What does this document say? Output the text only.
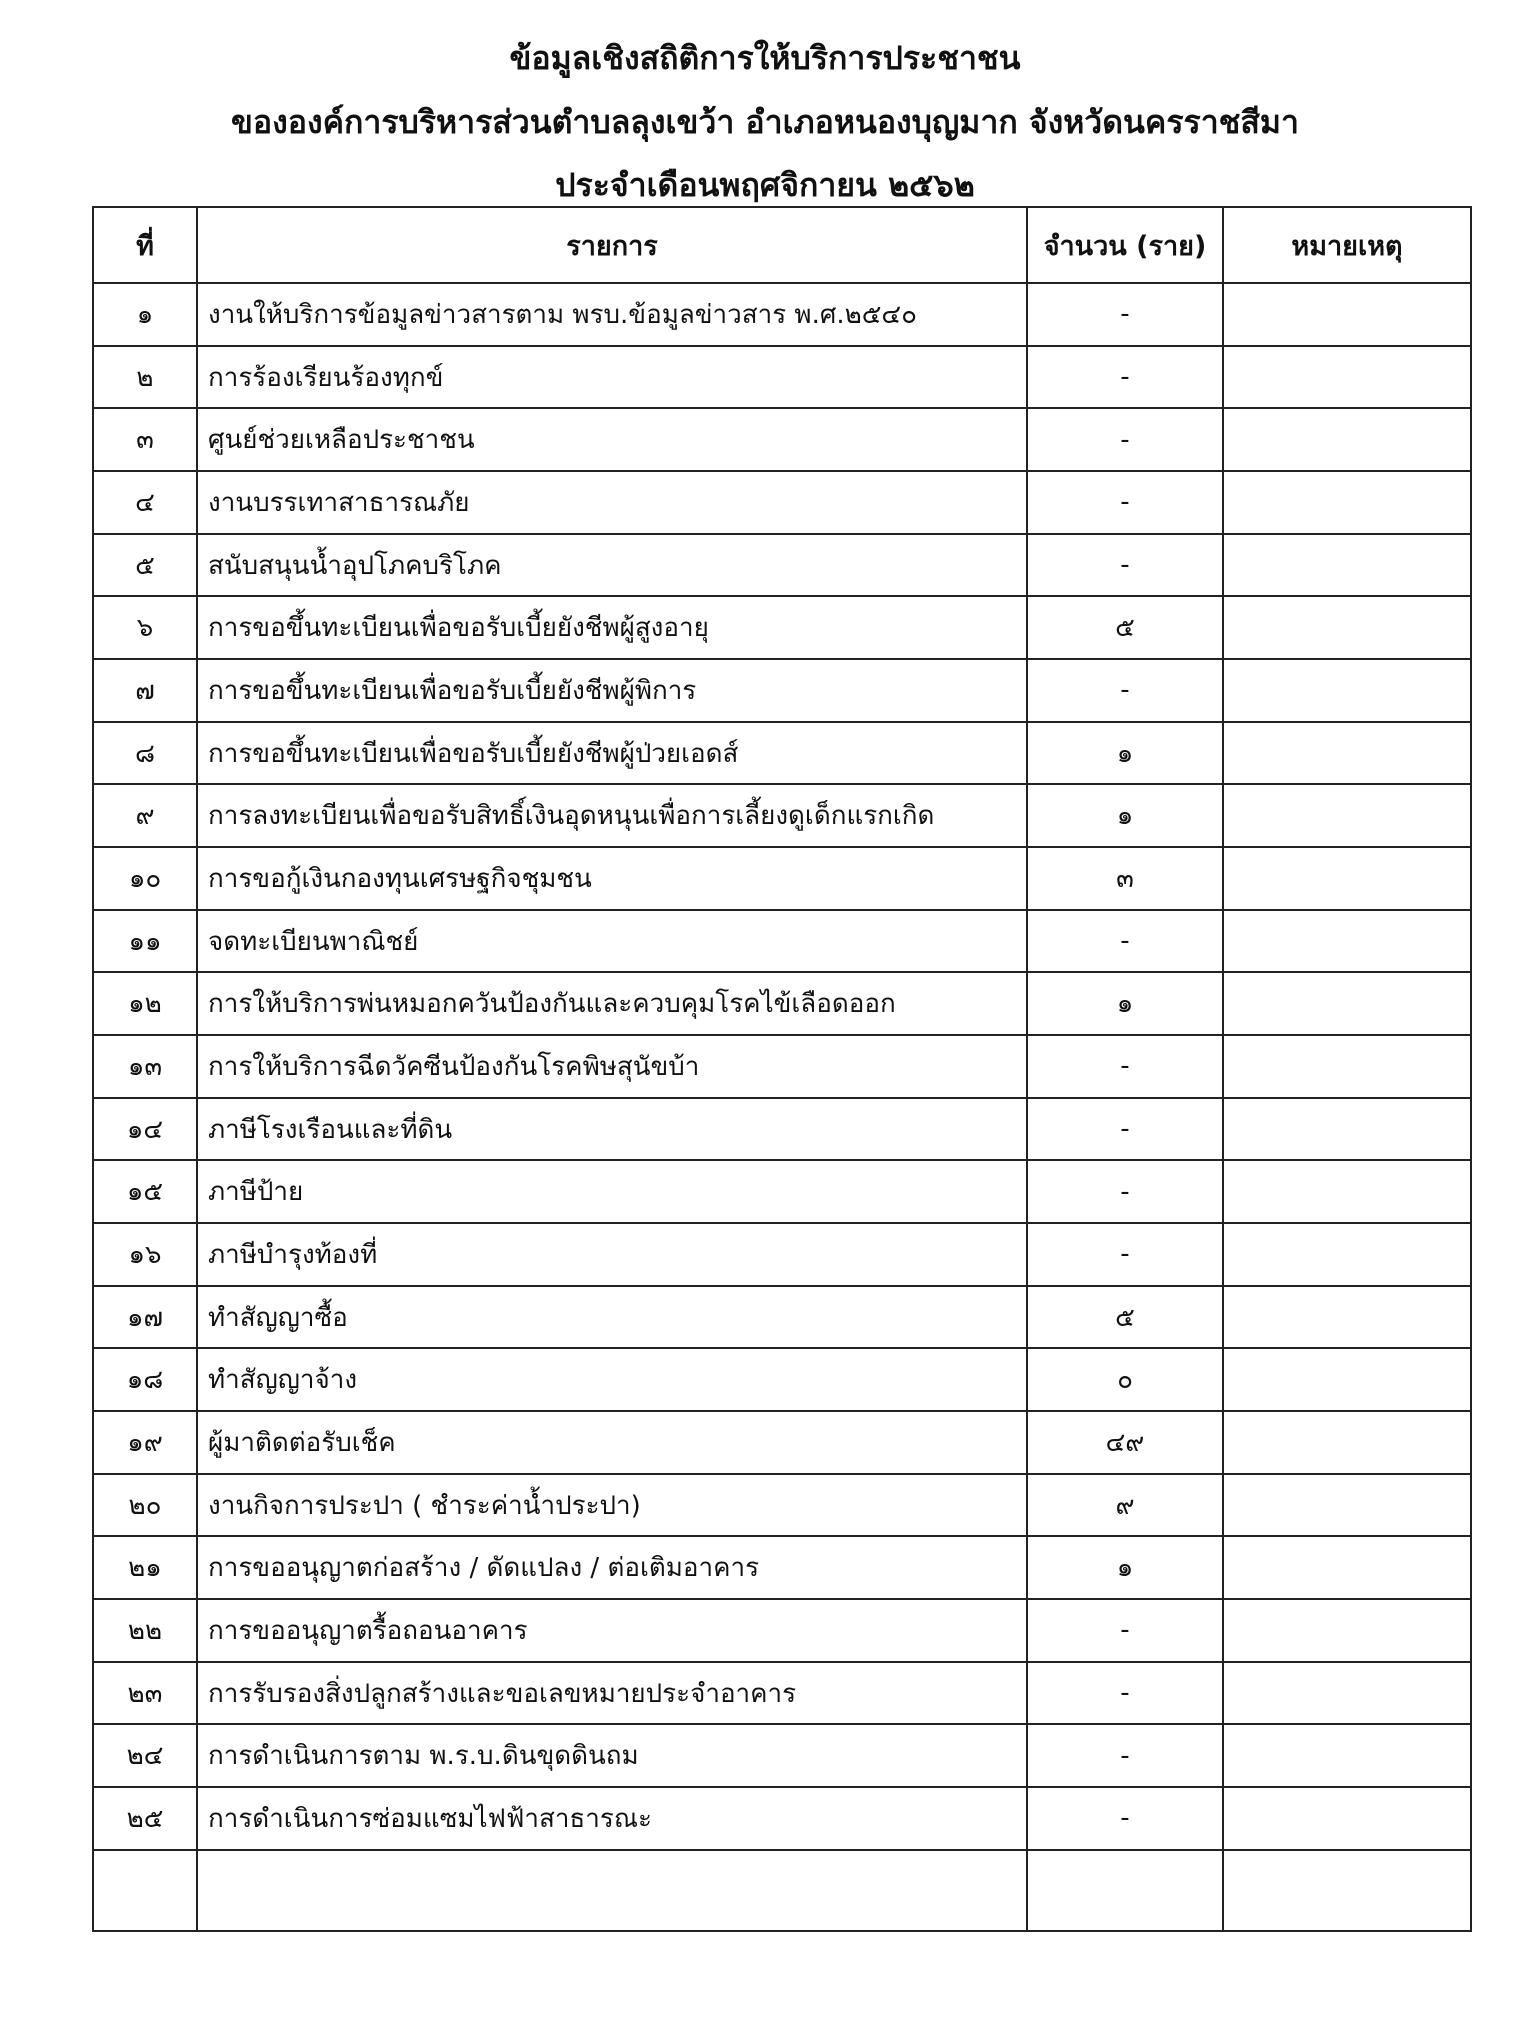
ข้อมูลเชิงสถิติการให้บริการประชาชน
ขององค์การบริหารส่วนตำบลลุงเขว้า อำเภอหนองบุญมาก จังหวัดนครราชสีมา
ประจำเดือนพฤศจิกายน ๒๕๖๒
ที่	รายการ	จำนวน (ราย)	หมายเหตุ
๑	งานให้บริการข้อมูลข่าวสารตาม พรบ.ข้อมูลข่าวสาร พ.ศ.๒๕๔๐	-	
๒	การร้องเรียนร้องทุกข์	-	
๓	ศูนย์ช่วยเหลือประชาชน	-	
๔	งานบรรเทาสาธารณภัย	-	
๕	สนับสนุนน้ำอุปโภคบริโภค	-	
๖	การขอขึ้นทะเบียนเพื่อขอรับเบี้ยยังชีพผู้สูงอายุ	๕	
๗	การขอขึ้นทะเบียนเพื่อขอรับเบี้ยยังชีพผู้พิการ	-	
๘	การขอขึ้นทะเบียนเพื่อขอรับเบี้ยยังชีพผู้ป่วยเอดส์	๑	
๙	การลงทะเบียนเพื่อขอรับสิทธิ์เงินอุดหนุนเพื่อการเลี้ยงดูเด็กแรกเกิด	๑	
๑๐	การขอกู้เงินกองทุนเศรษฐกิจชุมชน	๓	
๑๑	จดทะเบียนพาณิชย์	-	
๑๒	การให้บริการพ่นหมอกควันป้องกันและควบคุมโรคไข้เลือดออก	๑	
๑๓	การให้บริการฉีดวัคซีนป้องกันโรคพิษสุนัขบ้า	-	
๑๔	ภาษีโรงเรือนและที่ดิน	-	
๑๕	ภาษีป้าย	-	
๑๖	ภาษีบำรุงท้องที่	-	
๑๗	ทำสัญญาซื้อ	๕	
๑๘	ทำสัญญาจ้าง	๐	
๑๙	ผู้มาติดต่อรับเช็ค	๔๙	
๒๐	งานกิจการประปา ( ชำระค่าน้ำประปา)	๙	
๒๑	การขออนุญาตก่อสร้าง / ดัดแปลง / ต่อเติมอาคาร	๑	
๒๒	การขออนุญาตรื้อถอนอาคาร	-	
๒๓	การรับรองสิ่งปลูกสร้างและขอเลขหมายประจำอาคาร	-	
๒๔	การดำเนินการตาม พ.ร.บ.ดินขุดดินถม	-	
๒๕	การดำเนินการซ่อมแซมไฟฟ้าสาธารณะ	-	
